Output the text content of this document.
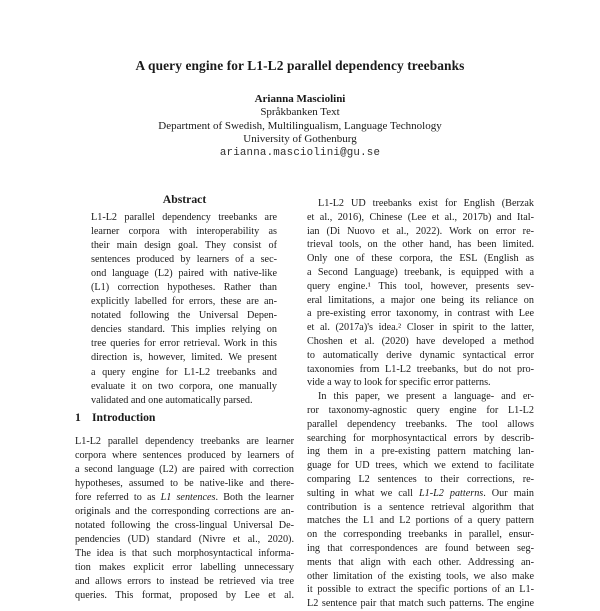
A query engine for L1-L2 parallel dependency treebanks
Arianna Masciolini
Språkbanken Text
Department of Swedish, Multilingualism, Language Technology
University of Gothenburg
arianna.masciolini@gu.se
Abstract
L1-L2 parallel dependency treebanks are
learner corpora with interoperability as
their main design goal. They consist of
sentences produced by learners of a sec-
ond language (L2) paired with native-like
(L1) correction hypotheses. Rather than
explicitly labelled for errors, these are an-
notated following the Universal Depen-
dencies standard. This implies relying on
tree queries for error retrieval. Work in this
direction is, however, limited. We present
a query engine for L1-L2 treebanks and
evaluate it on two corpora, one manually
validated and one automatically parsed.
1 Introduction
L1-L2 parallel dependency treebanks are learner
corpora where sentences produced by learners of
a second language (L2) are paired with correction
hypotheses, assumed to be native-like and there-
fore referred to as L1 sentences. Both the learner
originals and the corresponding corrections are an-
notated following the cross-lingual Universal De-
pendencies (UD) standard (Nivre et al., 2020).
The idea is that such morphosyntactical informa-
tion makes explicit error labelling unnecessary
and allows errors to instead be retrieved via tree
queries. This format, proposed by Lee et al.
L1-L2 UD treebanks exist for English (Berzak
et al., 2016), Chinese (Lee et al., 2017b) and Ital-
ian (Di Nuovo et al., 2022). Work on error re-
trieval tools, on the other hand, has been limited.
Only one of these corpora, the ESL (English as
a Second Language) treebank, is equipped with a
query engine.¹ This tool, however, presents sev-
eral limitations, a major one being its reliance on
a pre-existing error taxonomy, in contrast with Lee
et al. (2017a)'s idea.² Closer in spirit to the latter,
Choshen et al. (2020) have developed a method
to automatically derive dynamic syntactical error
taxonomies from L1-L2 treebanks, but do not pro-
vide a way to look for specific error patterns.
In this paper, we present a language- and er-
ror taxonomy-agnostic query engine for L1-L2
parallel dependency treebanks. The tool allows
searching for morphosyntactical errors by describ-
ing them in a pre-existing pattern matching lan-
guage for UD trees, which we extend to facilitate
comparing L2 sentences to their corrections, re-
sulting in what we call L1-L2 patterns. Our main
contribution is a sentence retrieval algorithm that
matches the L1 and L2 portions of a query pattern
on the corresponding treebanks in parallel, ensur-
ing that correspondences are found between seg-
ments that align with each other. Addressing an-
other limitation of the existing tools, we also make
it possible to extract the specific portions of an L1-
L2 sentence pair that match such patterns. The engine
